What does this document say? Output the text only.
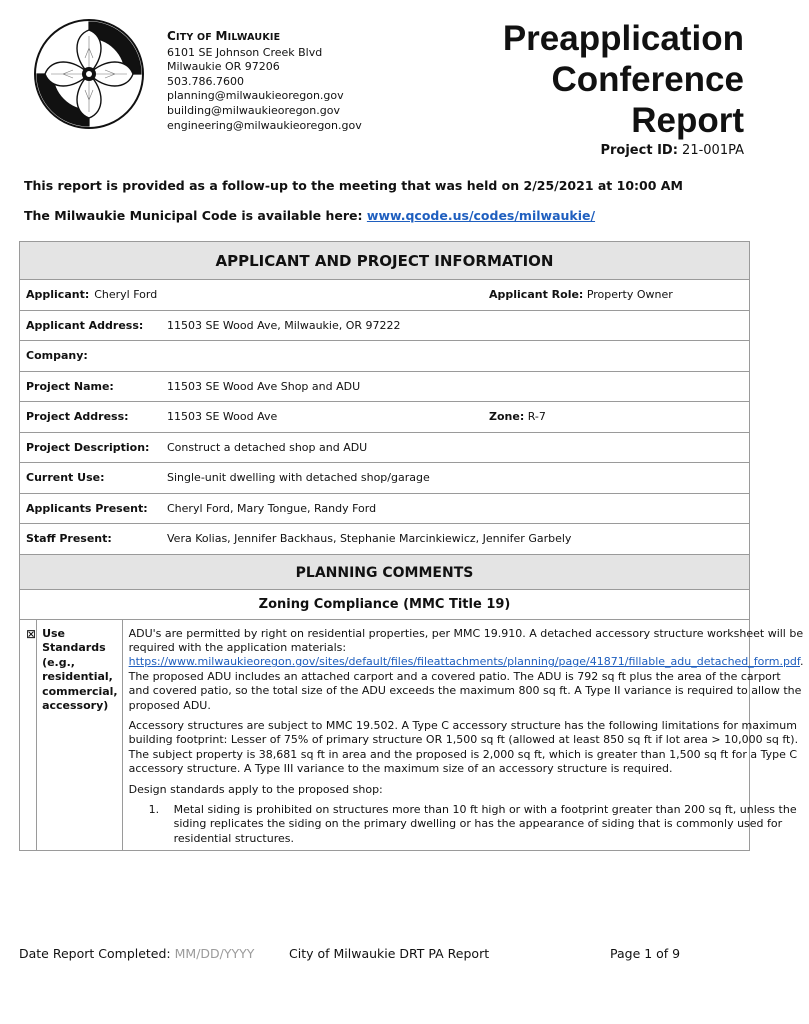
CITY OF MILWAUKIE
6101 SE Johnson Creek Blvd
Milwaukie OR 97206
503.786.7600
planning@milwaukieoregon.gov
building@milwaukieoregon.gov
engineering@milwaukieoregon.gov
Preapplication
Conference
Report
Project ID: 21-001PA
This report is provided as a follow-up to the meeting that was held on 2/25/2021 at 10:00 AM
The Milwaukie Municipal Code is available here: www.qcode.us/codes/milwaukie/
APPLICANT AND PROJECT INFORMATION
Applicant: Cheryl Ford	Applicant Role: Property Owner
Applicant Address: 11503 SE Wood Ave, Milwaukie, OR 97222
Company:
Project Name:	11503 SE Wood Ave Shop and ADU
Project Address:	11503 SE Wood Ave	Zone: R-7
Project Description: Construct a detached shop and ADU
Current Use:	Single-unit dwelling with detached shop/garage
Applicants Present: Cheryl Ford, Mary Tongue, Randy Ford
Staff Present:	Vera Kolias, Jennifer Backhaus, Stephanie Marcinkiewicz, Jennifer Garbely
PLANNING COMMENTS
Zoning Compliance (MMC Title 19)
⊠ Use Standards (e.g., residential, commercial, accessory)

ADU's are permitted by right on residential properties, per MMC 19.910. A detached accessory structure worksheet will be required with the application materials: https://www.milwaukieoregon.gov/sites/default/files/fileattachments/planning/page/41871/fillable_adu_detached_form.pdf. The proposed ADU includes an attached carport and a covered patio. The ADU is 792 sq ft plus the area of the carport and covered patio, so the total size of the ADU exceeds the maximum 800 sq ft. A Type II variance is required to allow the proposed ADU.

Accessory structures are subject to MMC 19.502. A Type C accessory structure has the following limitations for maximum building footprint: Lesser of 75% of primary structure OR 1,500 sq ft (allowed at least 850 sq ft if lot area > 10,000 sq ft). The subject property is 38,681 sq ft in area and the proposed is 2,000 sq ft, which is greater than 1,500 sq ft for a Type C accessory structure. A Type III variance to the maximum size of an accessory structure is required.

Design standards apply to the proposed shop:

1. Metal siding is prohibited on structures more than 10 ft high or with a footprint greater than 200 sq ft, unless the siding replicates the siding on the primary dwelling or has the appearance of siding that is commonly used for residential structures.
Date Report Completed: MM/DD/YYYY	City of Milwaukie DRT PA Report	Page 1 of 9
